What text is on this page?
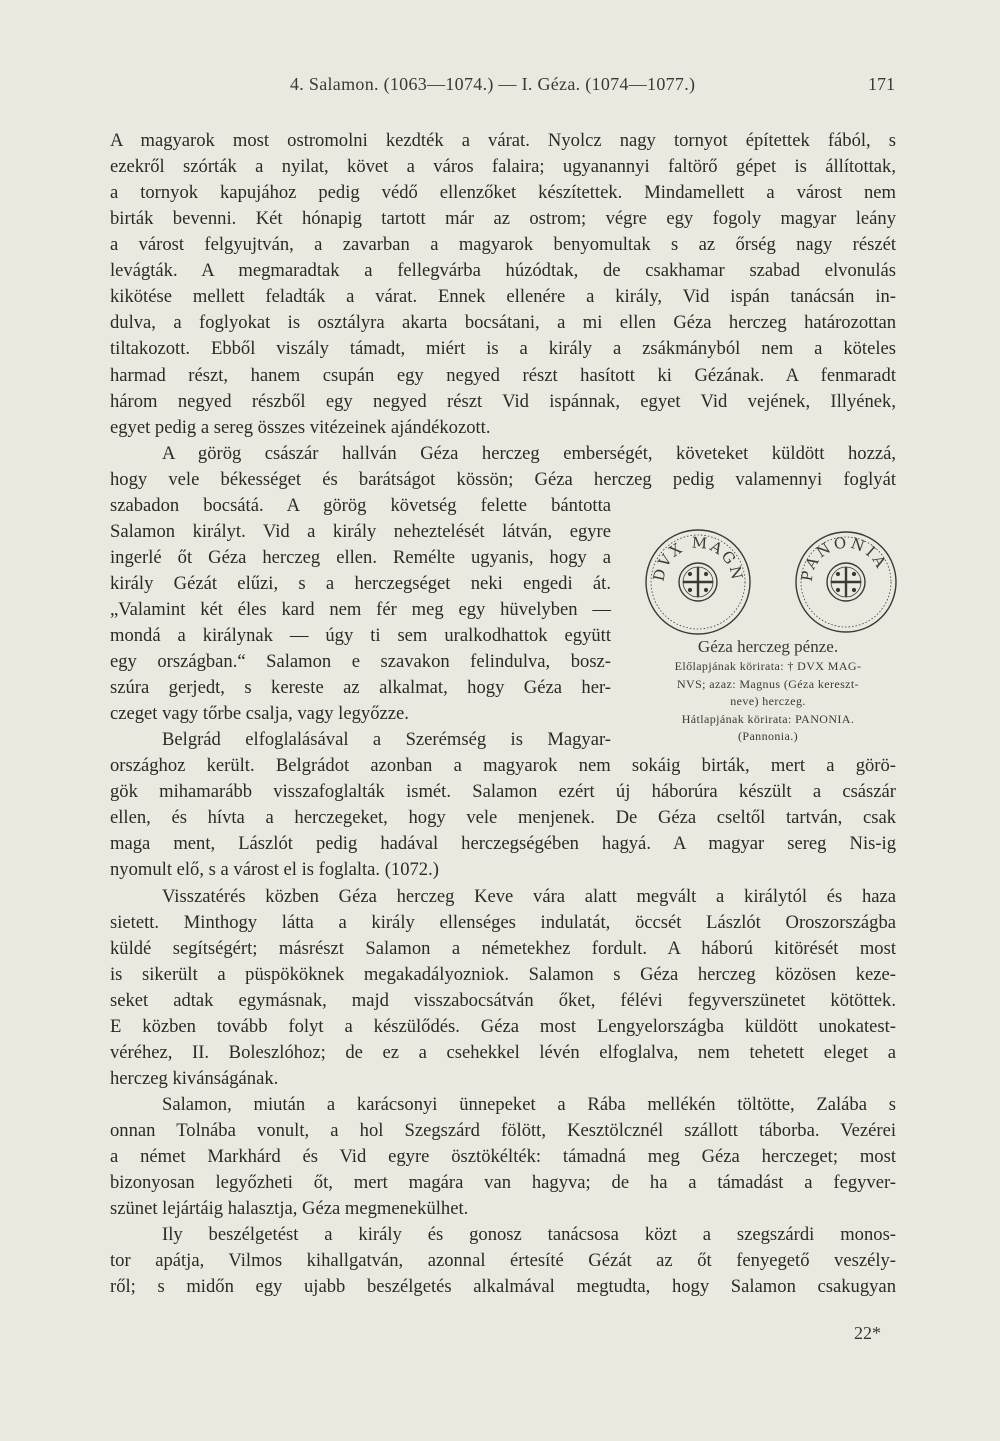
4. Salamon. (1063—1074.) — I. Géza. (1074—1077.)	171
A magyarok most ostromolni kezdték a várat. Nyolcz nagy tornyot építettek fából, s
ezekről szórták a nyilat, követ a város falaira; ugyanannyi faltörő gépet is állítottak,
a tornyok kapujához pedig védő ellenzőket készítettek. Mindamellett a várost nem
birták bevenni. Két hónapig tartott már az ostrom; végre egy fogoly magyar leány
a várost felgyujtván, a zavarban a magyarok benyomultak s az őrség nagy részét
levágták. A megmaradtak a fellegvárba húzódtak, de csakhamar szabad elvonulás
kikötése mellett feladták a várat. Ennek ellenére a király, Vid ispán tanácsán in-
dulva, a foglyokat is osztályra akarta bocsátani, a mi ellen Géza herczeg határozottan
tiltakozott. Ebből viszály támadt, miért is a király a zsákmányból nem a köteles
harmad részt, hanem csupán egy negyed részt hasított ki Gézának. A fenmaradt
három negyed részből egy negyed részt Vid ispánnak, egyet Vid vejének, Illyének,
egyet pedig a sereg összes vitézeinek ajándékozott.
A görög császár hallván Géza herczeg emberségét, követeket küldött hozzá,
hogy vele békességet és barátságot kössön; Géza herczeg pedig valamennyi foglyát
szabadon bocsátá. A görög követség felette bántotta
Salamon királyt. Vid a király neheztelését látván, egyre
ingerlé őt Géza herczeg ellen. Remélte ugyanis, hogy a
király Gézát elűzi, s a herczegséget neki engedi át.
„Valamint két éles kard nem fér meg egy hüvelyben —
mondá a királynak — úgy ti sem uralkodhattok együtt
egy országban.“ Salamon e szavakon felindulva, bosz-
szúra gerjedt, s kereste az alkalmat, hogy Géza her-
czeget vagy tőrbe csalja, vagy legyőzze.
Belgrád elfoglalásával a Szerémség is Magyar-
országhoz került. Belgrádot azonban a magyarok nem sokáig birták, mert a görö-
gök mihamarább visszafoglalták ismét. Salamon ezért új háborúra készült a császár
ellen, és hívta a herczegeket, hogy vele menjenek. De Géza cseltől tartván, csak
maga ment, Lászlót pedig hadával herczegségében hagyá. A magyar sereg Nis-ig
nyomult elő, s a várost el is foglalta. (1072.)
Visszatérés közben Géza herczeg Keve vára alatt megvált a királytól és haza
sietett. Minthogy látta a király ellenséges indulatát, öccsét Lászlót Oroszországba
küldé segítségért; másrészt Salamon a németekhez fordult. A háború kitörését most
is sikerült a püspököknek megakadályozniok. Salamon s Géza herczeg közösen keze-
seket adtak egymásnak, majd visszabocsátván őket, félévi fegyverszünetet kötöttek.
E közben tovább folyt a készülődés. Géza most Lengyelországba küldött unokatest-
véréhez, II. Boleszlóhoz; de ez a csehekkel lévén elfoglalva, nem tehetett eleget a
herczeg kivánságának.
Salamon, miután a karácsonyi ünnepeket a Rába mellékén töltötte, Zalába s
onnan Tolnába vonult, a hol Szegszárd fölött, Kesztölcznél szállott táborba. Vezérei
a német Markhárd és Vid egyre ösztökélték: támadná meg Géza herczeget; most
bizonyosan legyőzheti őt, mert magára van hagyva; de ha a támadást a fegyver-
szünet lejártáig halasztja, Géza megmenekülhet.
Ily beszélgetést a király és gonosz tanácsosa közt a szegszárdi monos-
tor apátja, Vilmos kihallgatván, azonnal értesíté Gézát az őt fenyegető veszély-
ről; s midőn egy ujabb beszélgetés alkalmával megtudta, hogy Salamon csakugyan
DVX MAGN	PANONIA
Géza herczeg pénze.
Előlapjának körirata: † DVX MAG-
NVS; azaz: Magnus (Géza kereszt-
neve) herczeg.
Hátlapjának körirata: PANONIA.
(Pannonia.)
22*
